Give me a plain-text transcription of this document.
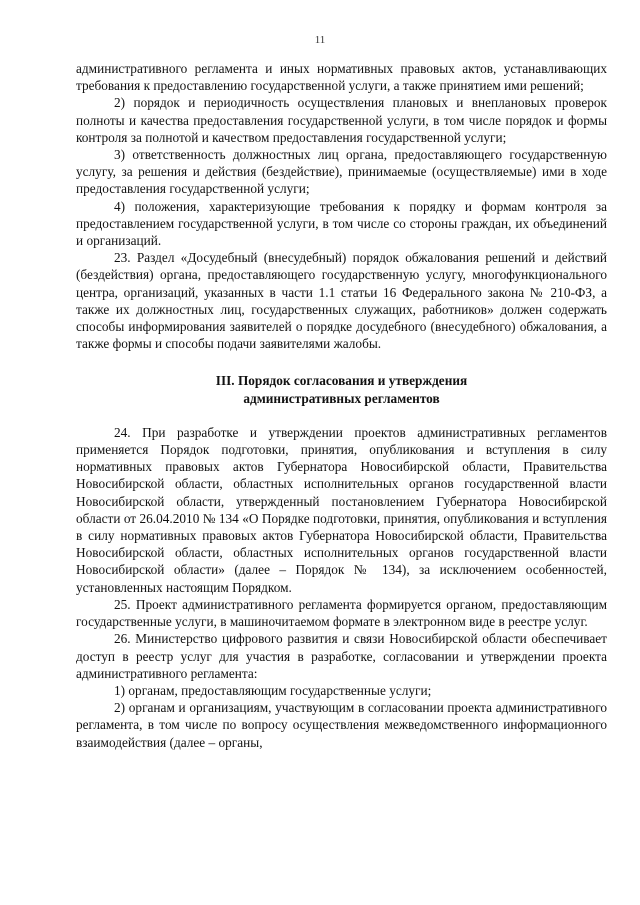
11

административного регламента и иных нормативных правовых актов, устанавливающих требования к предоставлению государственной услуги, а также принятием ими решений;

2) порядок и периодичность осуществления плановых и внеплановых проверок полноты и качества предоставления государственной услуги, в том числе порядок и формы контроля за полнотой и качеством предоставления государственной услуги;

3) ответственность должностных лиц органа, предоставляющего государственную услугу, за решения и действия (бездействие), принимаемые (осуществляемые) ими в ходе предоставления государственной услуги;

4) положения, характеризующие требования к порядку и формам контроля за предоставлением государственной услуги, в том числе со стороны граждан, их объединений и организаций.

23. Раздел «Досудебный (внесудебный) порядок обжалования решений и действий (бездействия) органа, предоставляющего государственную услугу, многофункционального центра, организаций, указанных в части 1.1 статьи 16 Федерального закона № 210-ФЗ, а также их должностных лиц, государственных служащих, работников» должен содержать способы информирования заявителей о порядке досудебного (внесудебного) обжалования, а также формы и способы подачи заявителями жалобы.

III. Порядок согласования и утверждения
административных регламентов

24. При разработке и утверждении проектов административных регламентов применяется Порядок подготовки, принятия, опубликования и вступления в силу нормативных правовых актов Губернатора Новосибирской области, Правительства Новосибирской области, областных исполнительных органов государственной власти Новосибирской области, утвержденный постановлением Губернатора Новосибирской области от 26.04.2010 № 134 «О Порядке подготовки, принятия, опубликования и вступления в силу нормативных правовых актов Губернатора Новосибирской области, Правительства Новосибирской области, областных исполнительных органов государственной власти Новосибирской области» (далее – Порядок № 134), за исключением особенностей, установленных настоящим Порядком.

25. Проект административного регламента формируется органом, предоставляющим государственные услуги, в машиночитаемом формате в электронном виде в реестре услуг.

26. Министерство цифрового развития и связи Новосибирской области обеспечивает доступ в реестр услуг для участия в разработке, согласовании и утверждении проекта административного регламента:

1) органам, предоставляющим государственные услуги;

2) органам и организациям, участвующим в согласовании проекта административного регламента, в том числе по вопросу осуществления межведомственного информационного взаимодействия (далее – органы,
